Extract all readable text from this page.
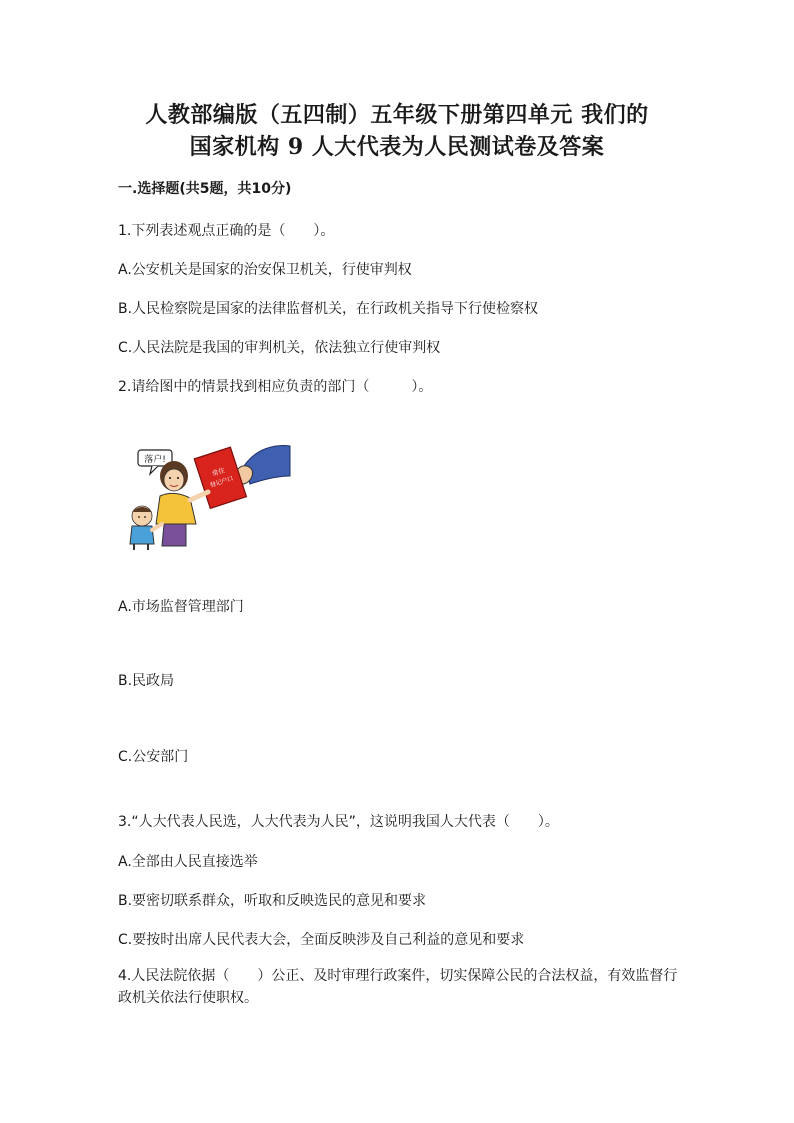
人教部编版（五四制）五年级下册第四单元 我们的
国家机构 9 人大代表为人民测试卷及答案

一.选择题(共5题，共10分)

1.下列表述观点正确的是（　　）。

A.公安机关是国家的治安保卫机关，行使审判权

B.人民检察院是国家的法律监督机关，在行政机关指导下行使检察权

C.人民法院是我国的审判机关，依法独立行使审判权

2.请给图中的情景找到相应负责的部门（　　　）。

落户!
常住
登记户口

A.市场监督管理部门

B.民政局

C.公安部门

3.“人大代表人民选，人大代表为人民”，这说明我国人大代表（　　）。

A.全部由人民直接选举

B.要密切联系群众，听取和反映选民的意见和要求

C.要按时出席人民代表大会，全面反映涉及自己利益的意见和要求

4.人民法院依据（　　）公正、及时审理行政案件，切实保障公民的合法权益，有效监督行政机关依法行使职权。
